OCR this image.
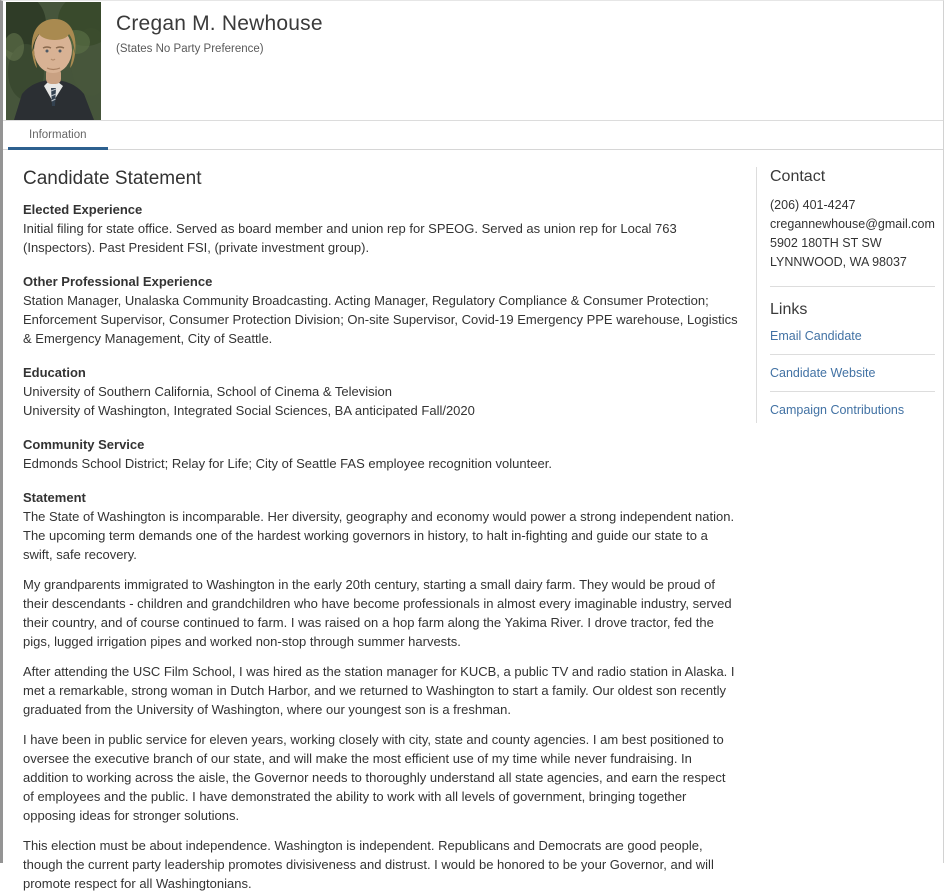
Cregan M. Newhouse
(States No Party Preference)
Information
Candidate Statement
Elected Experience

Initial filing for state office. Served as board member and union rep for SPEOG. Served as union rep for Local 763 (Inspectors). Past President FSI, (private investment group).

Other Professional Experience

Station Manager, Unalaska Community Broadcasting. Acting Manager, Regulatory Compliance & Consumer Protection; Enforcement Supervisor, Consumer Protection Division; On-site Supervisor, Covid-19 Emergency PPE warehouse, Logistics & Emergency Management, City of Seattle.

Education
University of Southern California, School of Cinema & Television
University of Washington, Integrated Social Sciences, BA anticipated Fall/2020
Community Service

Edmonds School District; Relay for Life; City of Seattle FAS employee recognition volunteer.

Statement

The State of Washington is incomparable. Her diversity, geography and economy would power a strong independent nation. The upcoming term demands one of the hardest working governors in history, to halt in-fighting and guide our state to a swift, safe recovery.

My grandparents immigrated to Washington in the early 20th century, starting a small dairy farm. They would be proud of their descendants - children and grandchildren who have become professionals in almost every imaginable industry, served their country, and of course continued to farm. I was raised on a hop farm along the Yakima River. I drove tractor, fed the pigs, lugged irrigation pipes and worked non-stop through summer harvests.

After attending the USC Film School, I was hired as the station manager for KUCB, a public TV and radio station in Alaska. I met a remarkable, strong woman in Dutch Harbor, and we returned to Washington to start a family. Our oldest son recently graduated from the University of Washington, where our youngest son is a freshman.

I have been in public service for eleven years, working closely with city, state and county agencies. I am best positioned to oversee the executive branch of our state, and will make the most efficient use of my time while never fundraising. In addition to working across the aisle, the Governor needs to thoroughly understand all state agencies, and earn the respect of employees and the public. I have demonstrated the ability to work with all levels of government, bringing together opposing ideas for stronger solutions.

This election must be about independence. Washington is independent. Republicans and Democrats are good people, though the current party leadership promotes divisiveness and distrust. I would be honored to be your Governor, and will promote respect for all Washingtonians.

Contact
(206) 401-4247
cregannewhouse@gmail.com
5902 180TH ST SW
LYNNWOOD, WA 98037
Links
Email Candidate
Candidate Website
Campaign Contributions
